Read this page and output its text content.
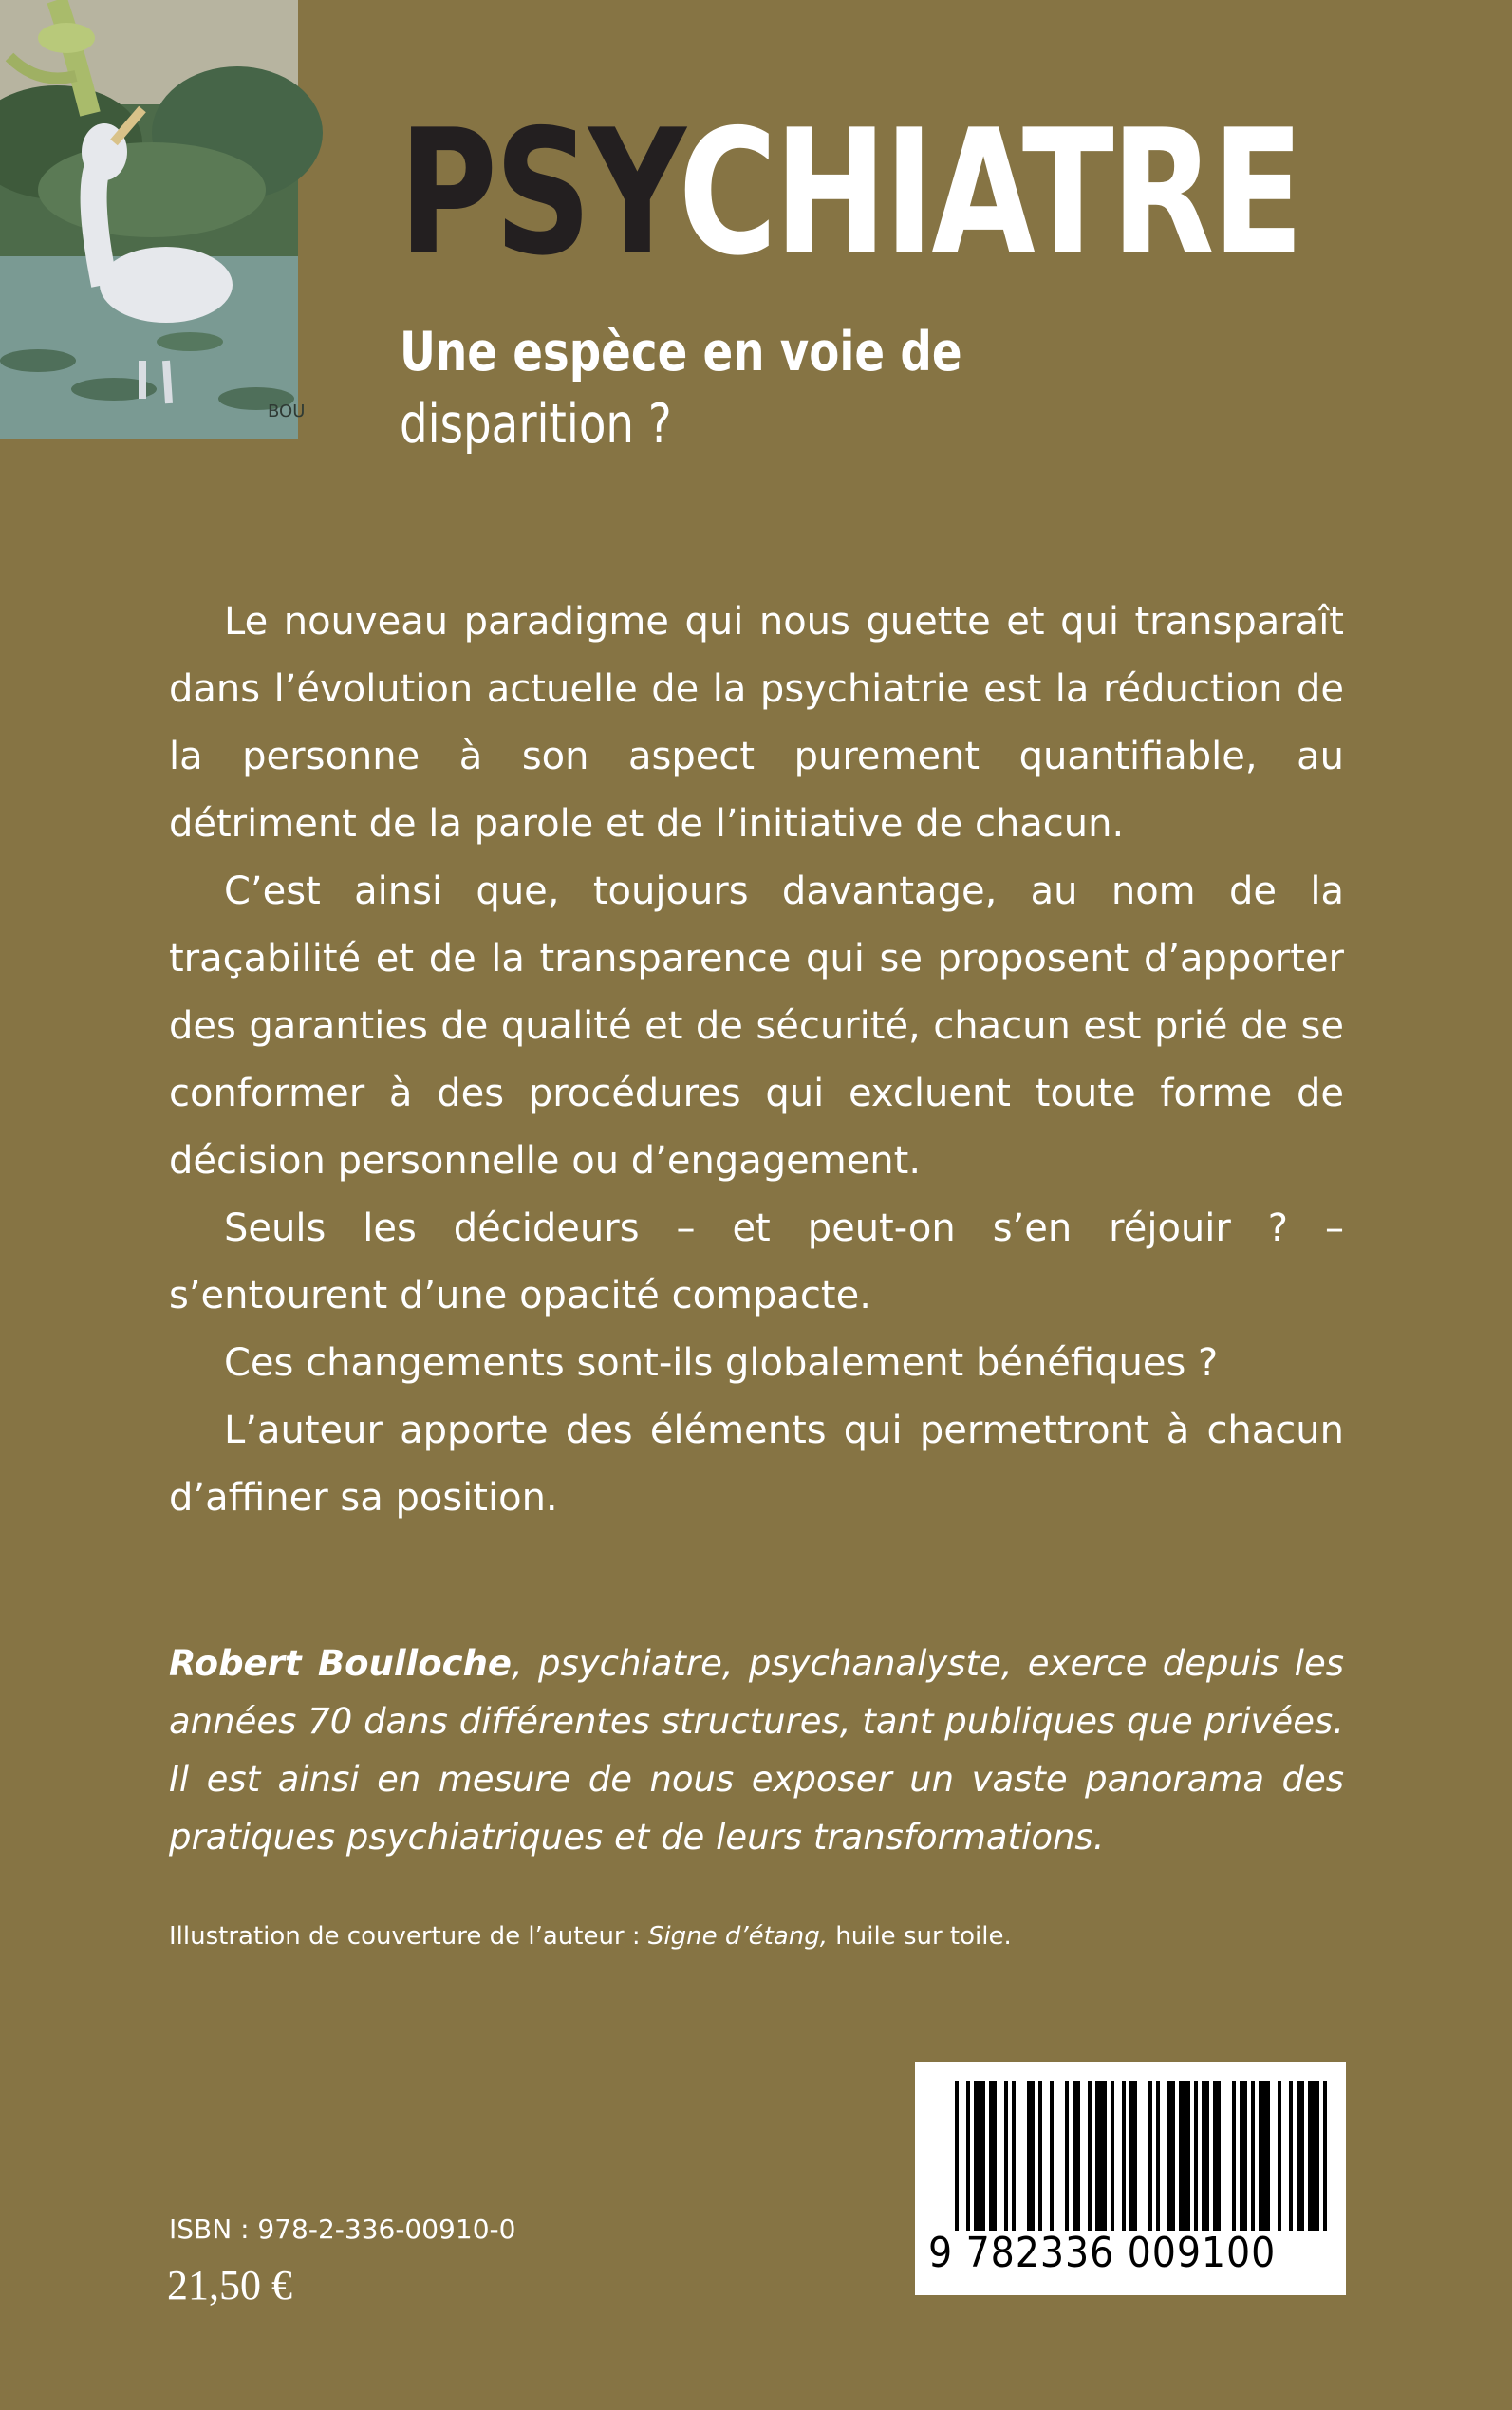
BOU
PSYCHIATRE
Une espèce en voie de
disparition ?

Le nouveau paradigme qui nous guette et qui transparaît dans l’évolution actuelle de la psychiatrie est la réduction de la personne à son aspect purement quantifiable, au détriment de la parole et de l’initiative de chacun.

C’est ainsi que, toujours davantage, au nom de la traçabilité et de la transparence qui se proposent d’apporter des garanties de qualité et de sécurité, chacun est prié de se conformer à des procédures qui excluent toute forme de décision personnelle ou d’engagement.

Seuls les décideurs – et peut-on s’en réjouir ? – s’entourent d’une opacité compacte.

Ces changements sont-ils globalement bénéfiques ?

L’auteur apporte des éléments qui permettront à chacun d’affiner sa position.

Robert Boulloche, psychiatre, psychanalyste, exerce depuis les années 70 dans différentes structures, tant publiques que privées. Il est ainsi en mesure de nous exposer un vaste panorama des pratiques psychiatriques et de leurs transformations.
Illustration de couverture de l’auteur : Signe d’étang, huile sur toile.
ISBN : 978-2-336-00910-0
21,50 €
9 782336 009100
